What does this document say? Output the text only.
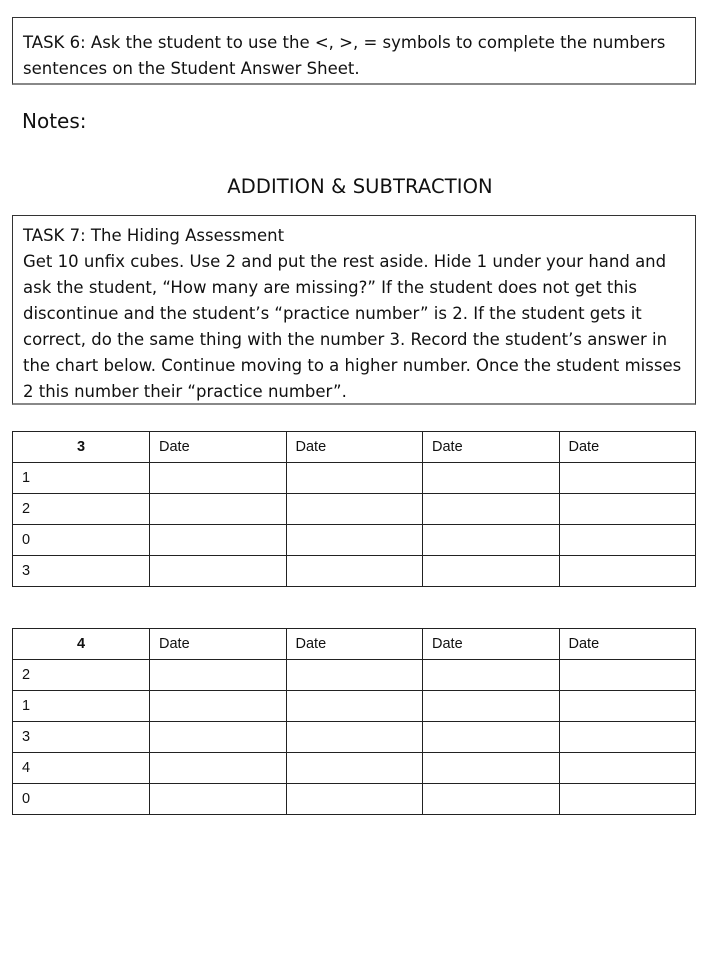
TASK 6: Ask the student to use the <, >, = symbols to complete the numbers sentences on the Student Answer Sheet.
Notes:
ADDITION & SUBTRACTION
TASK 7: The Hiding Assessment
Get 10 unfix cubes. Use 2 and put the rest aside. Hide 1 under your hand and ask the student, “How many are missing?” If the student does not get this discontinue and the student’s “practice number” is 2. If the student gets it correct, do the same thing with the number 3. Record the student’s answer in the chart below. Continue moving to a higher number. Once the student misses 2 this number their “practice number”.
3	Date	Date	Date	Date
1				
2				
0				
3				
4	Date	Date	Date	Date
2				
1				
3				
4				
0				
